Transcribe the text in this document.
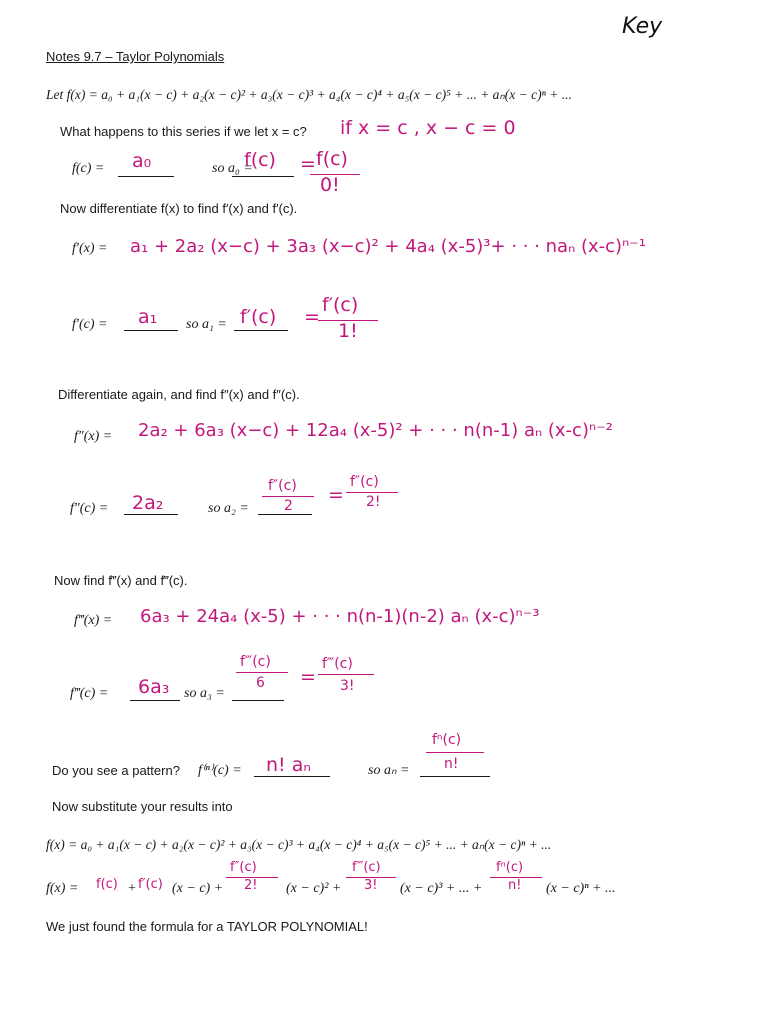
Key
Notes 9.7 – Taylor Polynomials
Let f(x) = a₀ + a₁(x − c) + a₂(x − c)² + a₃(x − c)³ + a₄(x − c)⁴ + a₅(x − c)⁵ + ... + aₙ(x − c)ⁿ + ...
What happens to this series if we let x = c? if x = c , x − c = 0
f(c) = a₀	so a₀ =
f(c) = f(c)
0!
Now differentiate f(x) to find f′(x) and f′(c).
f′(x) = a₁ + 2a₂ (x−c) + 3a₃ (x−c)² + 4a₄ (x-5)³+ · · · naₙ (x-c)ⁿ⁻¹
f′(c) = a₁ so a₁ = f′(c) =
f′(c)
1!
Differentiate again, and find f″(x) and f″(c).
f″(x) = 2a₂ + 6a₃ (x−c) + 12a₄ (x-5)² + · · · n(n-1) aₙ (x-c)ⁿ⁻²
f″(c) = 2a₂	so a₂ =
f″(c)
2 =
f″(c)
2!
Now find f‴(x) and f‴(c).
f‴(x) = 6a₃ + 24a₄ (x-5) + · · · n(n-1)(n-2) aₙ (x-c)ⁿ⁻³
f‴(c) = 6a₃ so a₃ =
f‴(c)
6 =
f‴(c)
3!
Do you see a pattern? f⁽ⁿ⁾(c) = n! aₙ	so aₙ =
fⁿ(c)
n!
Now substitute your results into
f(x) = a₀ + a₁(x − c) + a₂(x − c)² + a₃(x − c)³ + a₄(x − c)⁴ + a₅(x − c)⁵ + ... + aₙ(x − c)ⁿ + ...
f(x) = f(c) + f′(c) (x − c) +
f″(c)
2! (x − c)² +
f‴(c)
3! (x − c)³ + ... +
fⁿ(c)
n! (x − c)ⁿ + ...
We just found the formula for a TAYLOR POLYNOMIAL!
